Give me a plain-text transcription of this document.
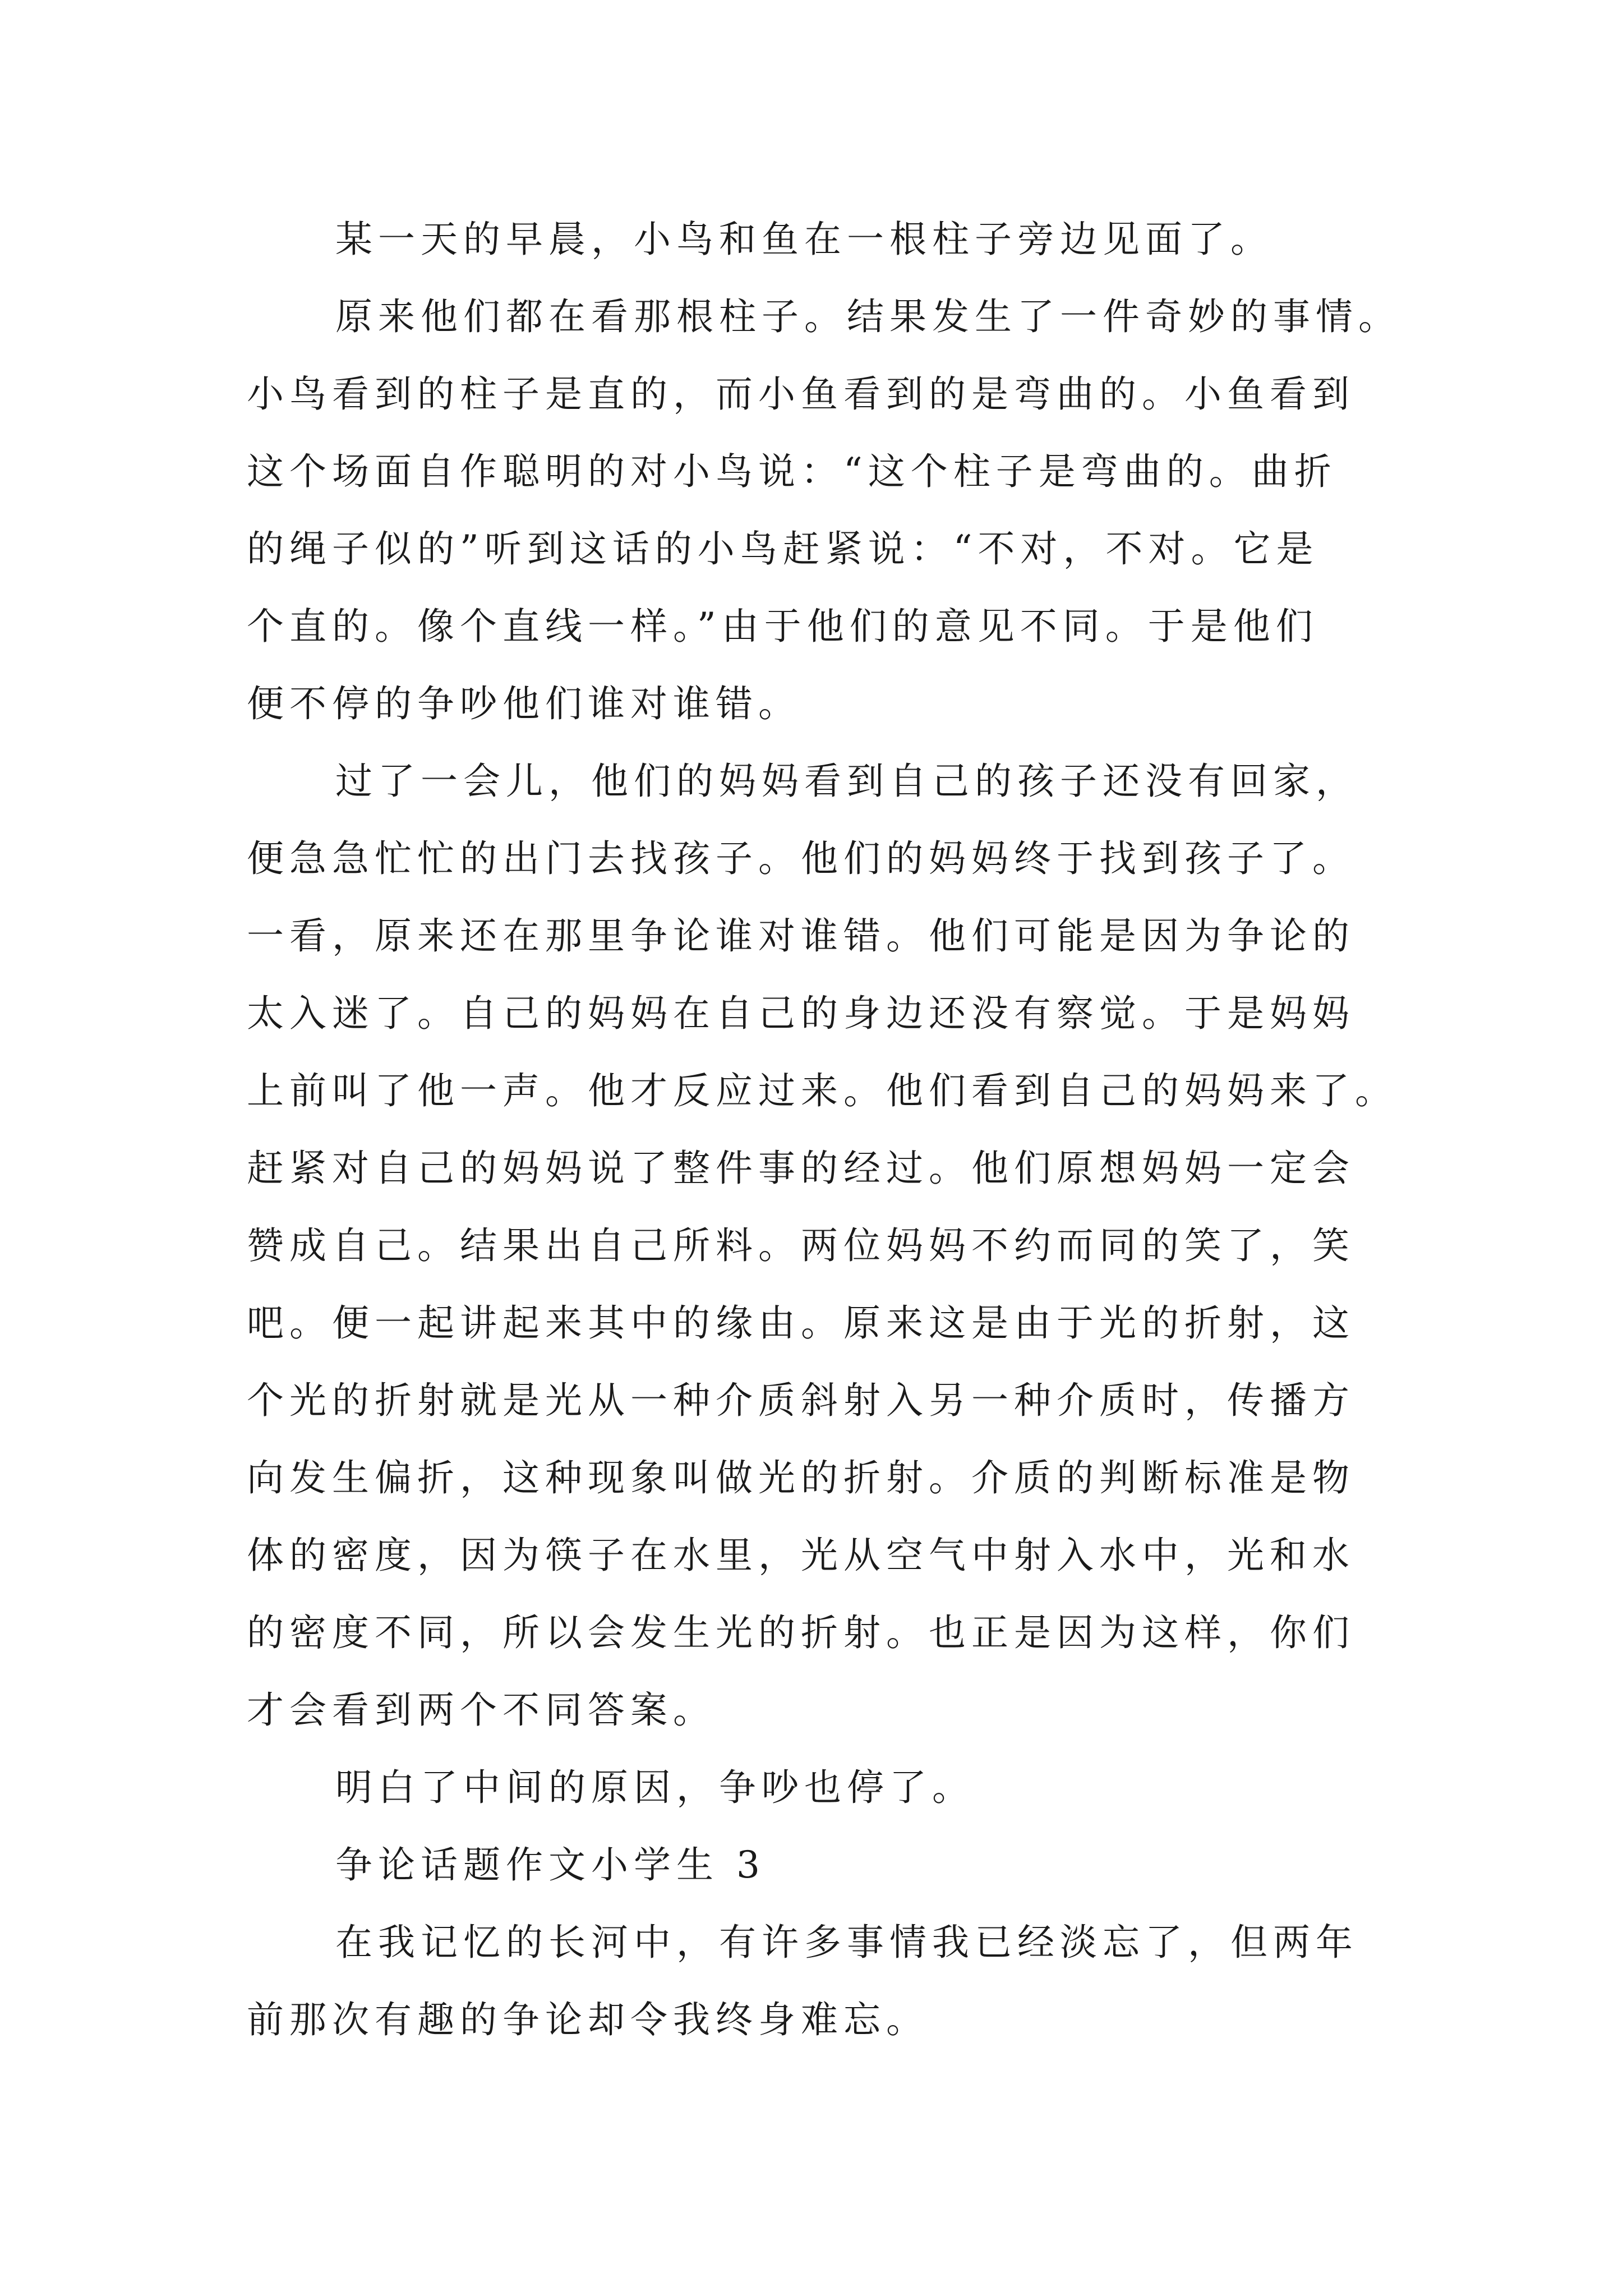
某一天的早晨，小鸟和鱼在一根柱子旁边见面了。
原来他们都在看那根柱子。结果发生了一件奇妙的事情。
小鸟看到的柱子是直的，而小鱼看到的是弯曲的。小鱼看到
这个场面自作聪明的对小鸟说：“这个柱子是弯曲的。曲折
的绳子似的”听到这话的小鸟赶紧说：“不对，不对。它是
个直的。像个直线一样。”由于他们的意见不同。于是他们
便不停的争吵他们谁对谁错。
过了一会儿，他们的妈妈看到自己的孩子还没有回家，
便急急忙忙的出门去找孩子。他们的妈妈终于找到孩子了。
一看，原来还在那里争论谁对谁错。他们可能是因为争论的
太入迷了。自己的妈妈在自己的身边还没有察觉。于是妈妈
上前叫了他一声。他才反应过来。他们看到自己的妈妈来了。
赶紧对自己的妈妈说了整件事的经过。他们原想妈妈一定会
赞成自己。结果出自己所料。两位妈妈不约而同的笑了，笑
吧。便一起讲起来其中的缘由。原来这是由于光的折射，这
个光的折射就是光从一种介质斜射入另一种介质时，传播方
向发生偏折，这种现象叫做光的折射。介质的判断标准是物
体的密度，因为筷子在水里，光从空气中射入水中，光和水
的密度不同，所以会发生光的折射。也正是因为这样，你们
才会看到两个不同答案。
明白了中间的原因，争吵也停了。
争论话题作文小学生 3
在我记忆的长河中，有许多事情我已经淡忘了，但两年
前那次有趣的争论却令我终身难忘。
